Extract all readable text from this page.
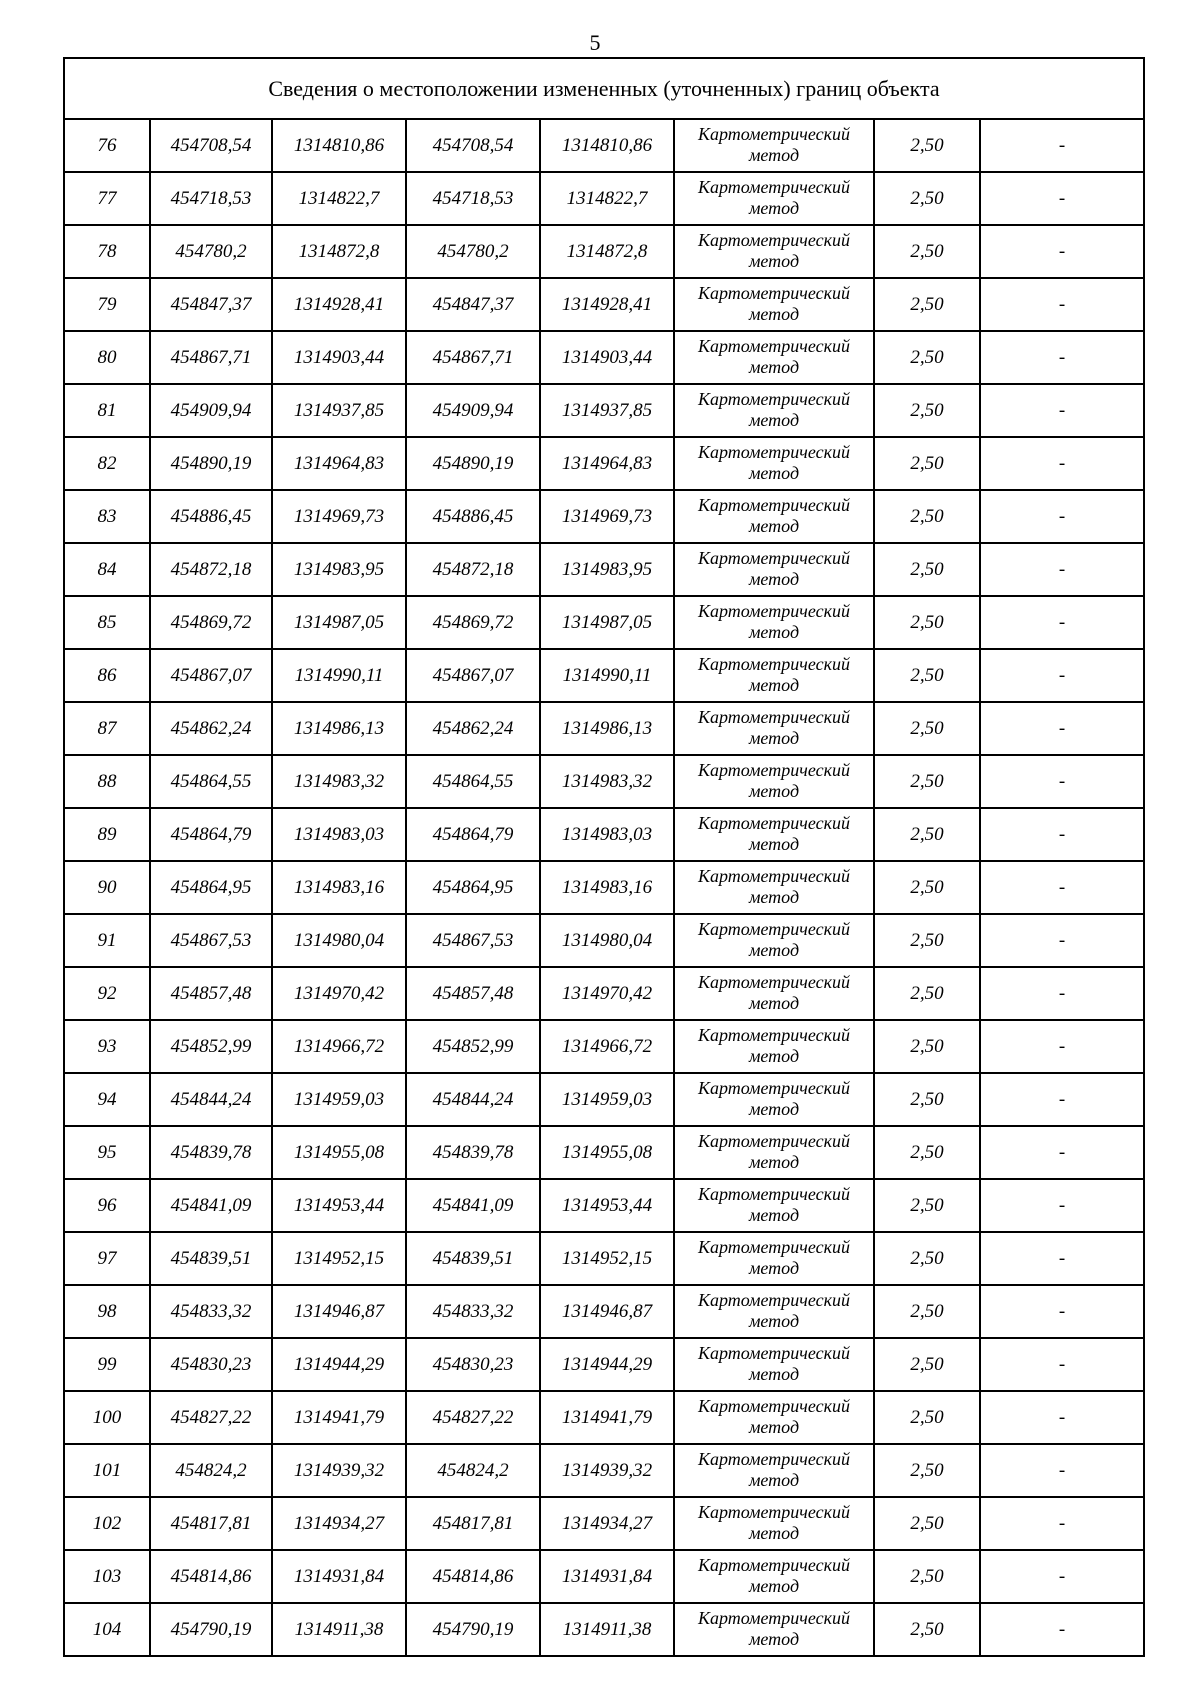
5
Сведения о местоположении измененных (уточненных) границ объекта							
76	454708,54	1314810,86	454708,54	1314810,86	Картометрический
метод	2,50	-
77	454718,53	1314822,7	454718,53	1314822,7	Картометрический
метод	2,50	-
78	454780,2	1314872,8	454780,2	1314872,8	Картометрический
метод	2,50	-
79	454847,37	1314928,41	454847,37	1314928,41	Картометрический
метод	2,50	-
80	454867,71	1314903,44	454867,71	1314903,44	Картометрический
метод	2,50	-
81	454909,94	1314937,85	454909,94	1314937,85	Картометрический
метод	2,50	-
82	454890,19	1314964,83	454890,19	1314964,83	Картометрический
метод	2,50	-
83	454886,45	1314969,73	454886,45	1314969,73	Картометрический
метод	2,50	-
84	454872,18	1314983,95	454872,18	1314983,95	Картометрический
метод	2,50	-
85	454869,72	1314987,05	454869,72	1314987,05	Картометрический
метод	2,50	-
86	454867,07	1314990,11	454867,07	1314990,11	Картометрический
метод	2,50	-
87	454862,24	1314986,13	454862,24	1314986,13	Картометрический
метод	2,50	-
88	454864,55	1314983,32	454864,55	1314983,32	Картометрический
метод	2,50	-
89	454864,79	1314983,03	454864,79	1314983,03	Картометрический
метод	2,50	-
90	454864,95	1314983,16	454864,95	1314983,16	Картометрический
метод	2,50	-
91	454867,53	1314980,04	454867,53	1314980,04	Картометрический
метод	2,50	-
92	454857,48	1314970,42	454857,48	1314970,42	Картометрический
метод	2,50	-
93	454852,99	1314966,72	454852,99	1314966,72	Картометрический
метод	2,50	-
94	454844,24	1314959,03	454844,24	1314959,03	Картометрический
метод	2,50	-
95	454839,78	1314955,08	454839,78	1314955,08	Картометрический
метод	2,50	-
96	454841,09	1314953,44	454841,09	1314953,44	Картометрический
метод	2,50	-
97	454839,51	1314952,15	454839,51	1314952,15	Картометрический
метод	2,50	-
98	454833,32	1314946,87	454833,32	1314946,87	Картометрический
метод	2,50	-
99	454830,23	1314944,29	454830,23	1314944,29	Картометрический
метод	2,50	-
100	454827,22	1314941,79	454827,22	1314941,79	Картометрический
метод	2,50	-
101	454824,2	1314939,32	454824,2	1314939,32	Картометрический
метод	2,50	-
102	454817,81	1314934,27	454817,81	1314934,27	Картометрический
метод	2,50	-
103	454814,86	1314931,84	454814,86	1314931,84	Картометрический
метод	2,50	-
104	454790,19	1314911,38	454790,19	1314911,38	Картометрический
метод	2,50	-
